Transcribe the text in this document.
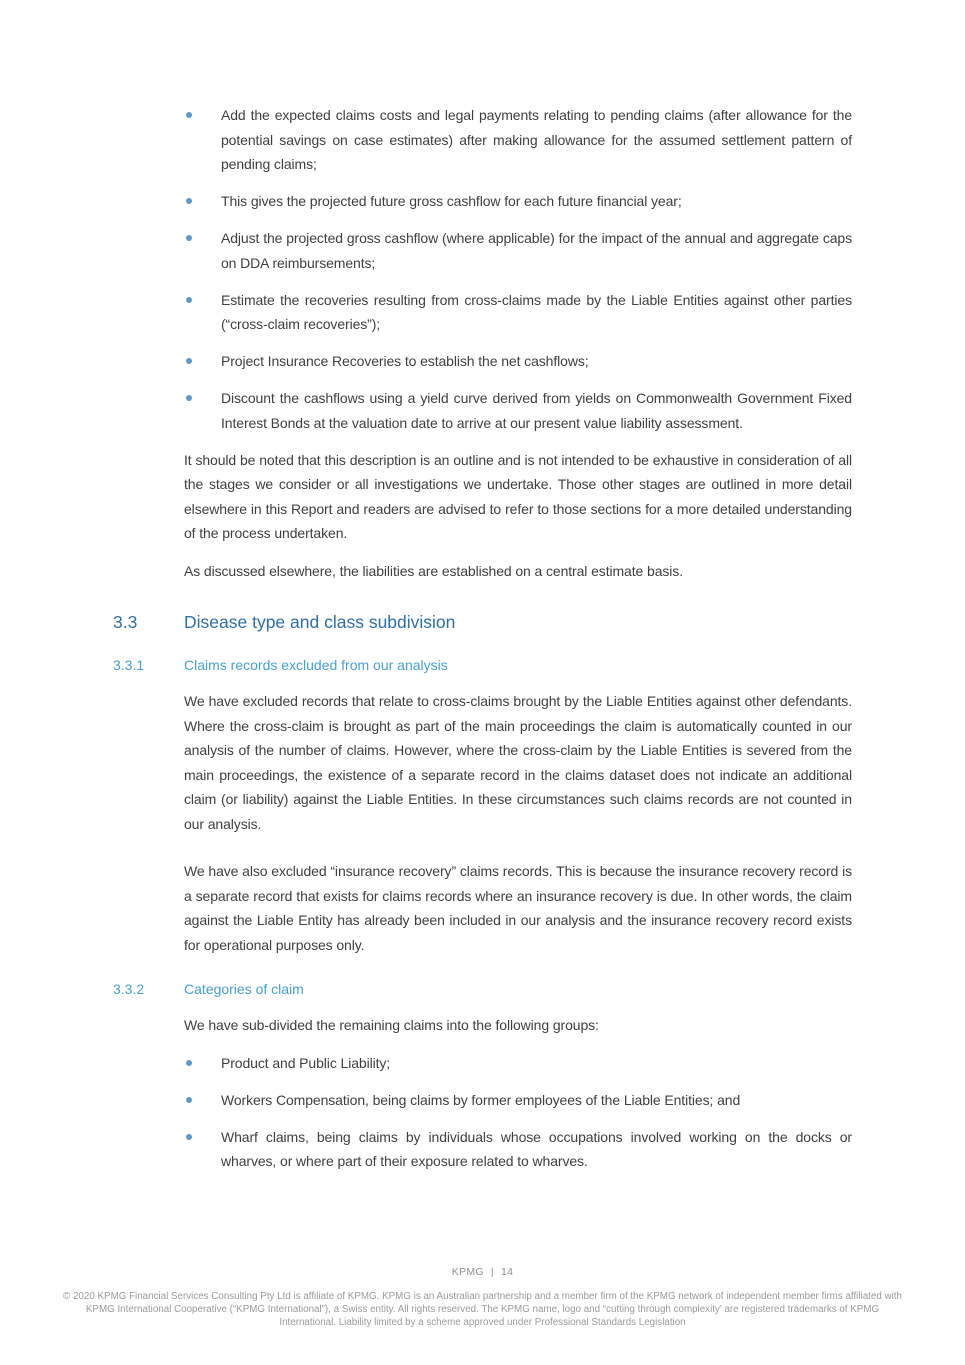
Add the expected claims costs and legal payments relating to pending claims (after allowance for the potential savings on case estimates) after making allowance for the assumed settlement pattern of pending claims;
This gives the projected future gross cashflow for each future financial year;
Adjust the projected gross cashflow (where applicable) for the impact of the annual and aggregate caps on DDA reimbursements;
Estimate the recoveries resulting from cross-claims made by the Liable Entities against other parties (“cross-claim recoveries”);
Project Insurance Recoveries to establish the net cashflows;
Discount the cashflows using a yield curve derived from yields on Commonwealth Government Fixed Interest Bonds at the valuation date to arrive at our present value liability assessment.

It should be noted that this description is an outline and is not intended to be exhaustive in consideration of all the stages we consider or all investigations we undertake. Those other stages are outlined in more detail elsewhere in this Report and readers are advised to refer to those sections for a more detailed understanding of the process undertaken.

As discussed elsewhere, the liabilities are established on a central estimate basis.

3.3	Disease type and class subdivision
3.3.1	Claims records excluded from our analysis

We have excluded records that relate to cross-claims brought by the Liable Entities against other defendants. Where the cross-claim is brought as part of the main proceedings the claim is automatically counted in our analysis of the number of claims. However, where the cross-claim by the Liable Entities is severed from the main proceedings, the existence of a separate record in the claims dataset does not indicate an additional claim (or liability) against the Liable Entities. In these circumstances such claims records are not counted in our analysis.

We have also excluded “insurance recovery” claims records. This is because the insurance recovery record is a separate record that exists for claims records where an insurance recovery is due. In other words, the claim against the Liable Entity has already been included in our analysis and the insurance recovery record exists for operational purposes only.

3.3.2	Categories of claim

We have sub-divided the remaining claims into the following groups:

Product and Public Liability;
Workers Compensation, being claims by former employees of the Liable Entities; and
Wharf claims, being claims by individuals whose occupations involved working on the docks or wharves, or where part of their exposure related to wharves.
KPMG | 14
© 2020 KPMG Financial Services Consulting Pty Ltd is affiliate of KPMG. KPMG is an Australian partnership and a member firm of the KPMG network of independent member firms affiliated with KPMG International Cooperative (“KPMG International”), a Swiss entity. All rights reserved. The KPMG name, logo and “cutting through complexity' are registered trademarks of KPMG International. Liability limited by a scheme approved under Professional Standards Legislation
